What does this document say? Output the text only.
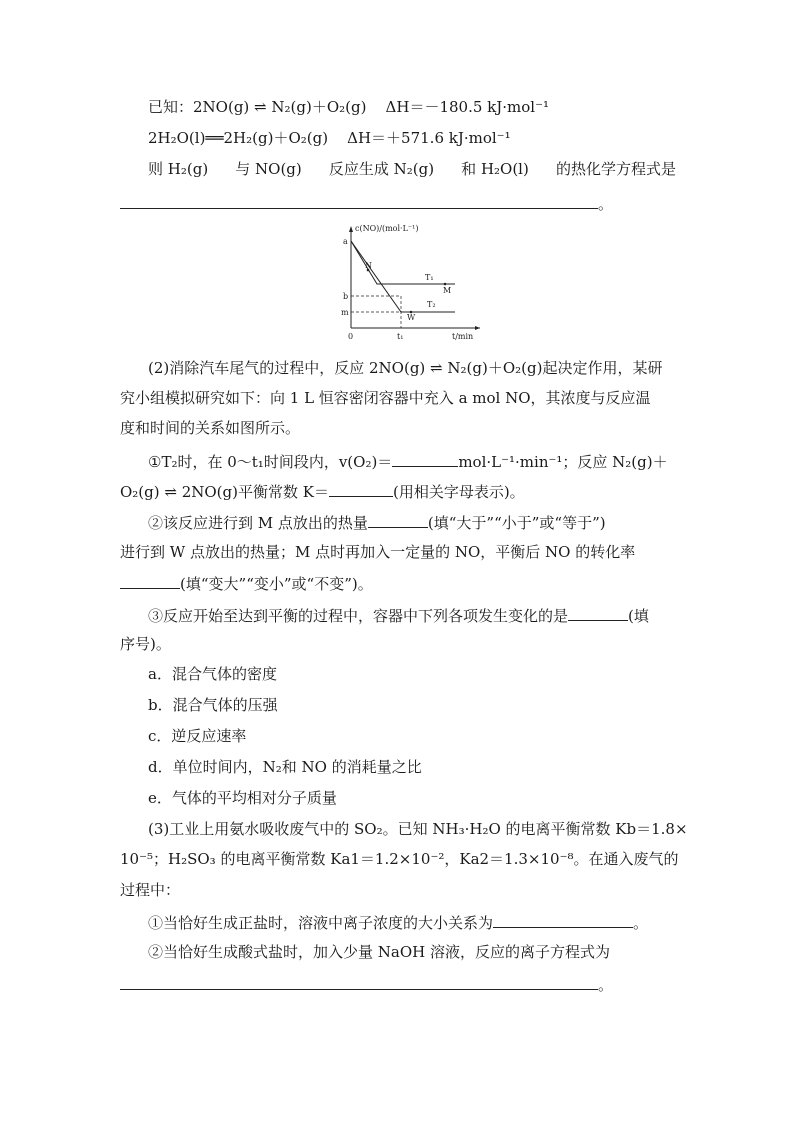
已知：2NO(g) ⇌ N₂(g)＋O₂(g) ΔH＝－180.5 kJ·mol⁻¹
2H₂O(l)══2H₂(g)＋O₂(g) ΔH＝＋571.6 kJ·mol⁻¹
则 H₂(g) 与 NO(g) 反应生成 N₂(g) 和 H₂O(l) 的热化学方程式是
。
c(NO)/(mol·L⁻¹)
t/min
0
a
b
m
t₁
N
M
W
T₁
T₂
(2)消除汽车尾气的过程中，反应 2NO(g) ⇌ N₂(g)＋O₂(g)起决定作用，某研
究小组模拟研究如下：向 1 L 恒容密闭容器中充入 a mol NO，其浓度与反应温
度和时间的关系如图所示。
①T₂时，在 0～t₁时间段内，v(O₂)＝	mol·L⁻¹·min⁻¹；反应 N₂(g)＋
O₂(g) ⇌ 2NO(g)平衡常数 K＝	(用相关字母表示)。
②该反应进行到 M 点放出的热量	(填“大于”“小于”或“等于”)
进行到 W 点放出的热量；M 点时再加入一定量的 NO，平衡后 NO 的转化率
(填“变大”“变小”或“不变”)。
③反应开始至达到平衡的过程中，容器中下列各项发生变化的是	(填
序号)。
a．混合气体的密度
b．混合气体的压强
c．逆反应速率
d．单位时间内，N₂和 NO 的消耗量之比
e．气体的平均相对分子质量
(3)工业上用氨水吸收废气中的 SO₂。已知 NH₃·H₂O 的电离平衡常数 Kb＝1.8×
10⁻⁵；H₂SO₃ 的电离平衡常数 Ka1＝1.2×10⁻²，Ka2＝1.3×10⁻⁸。在通入废气的
过程中：
①当恰好生成正盐时，溶液中离子浓度的大小关系为	。
②当恰好生成酸式盐时，加入少量 NaOH 溶液，反应的离子方程式为
。
